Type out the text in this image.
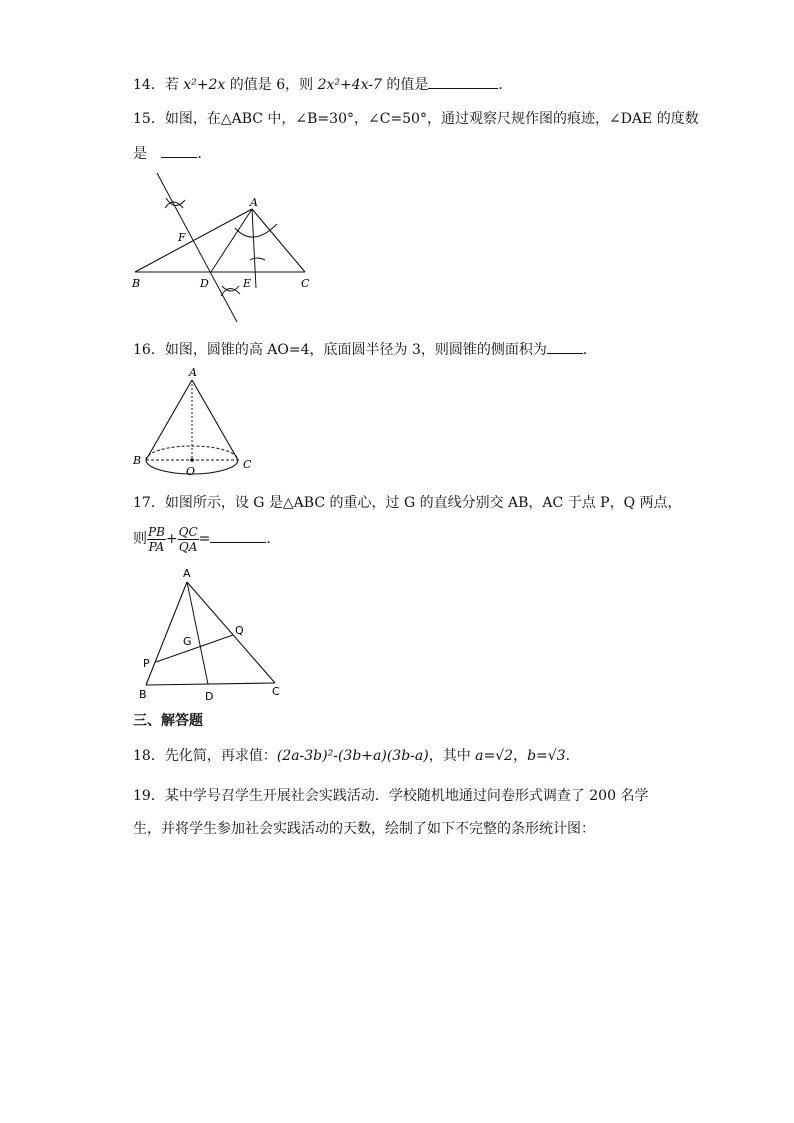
14．若 x²+2x 的值是 6，则 2x²+4x-7 的值是	．
15．如图，在△ABC 中，∠B=30°，∠C=50°，通过观察尺规作图的痕迹，∠DAE 的度数
是	．
A
B	C
D	E
F
16．如图，圆锥的高 AO=4，底面圆半径为 3，则圆锥的侧面积为	．
A
B	C
O
17．如图所示，设 G 是△ABC 的重心，过 G 的直线分别交 AB，AC 于点 P，Q 两点，
则 $\frac{PB}{PA} + \frac{QC}{QA}$ =	．
A
B	C
D
G
P
Q
三、解答题
18．先化简，再求值：(2a-3b)²-(3b+a)(3b-a)，其中 a=√2，b=√3．
19．某中学号召学生开展社会实践活动．学校随机地通过问卷形式调查了 200 名学
生，并将学生参加社会实践活动的天数，绘制了如下不完整的条形统计图：
